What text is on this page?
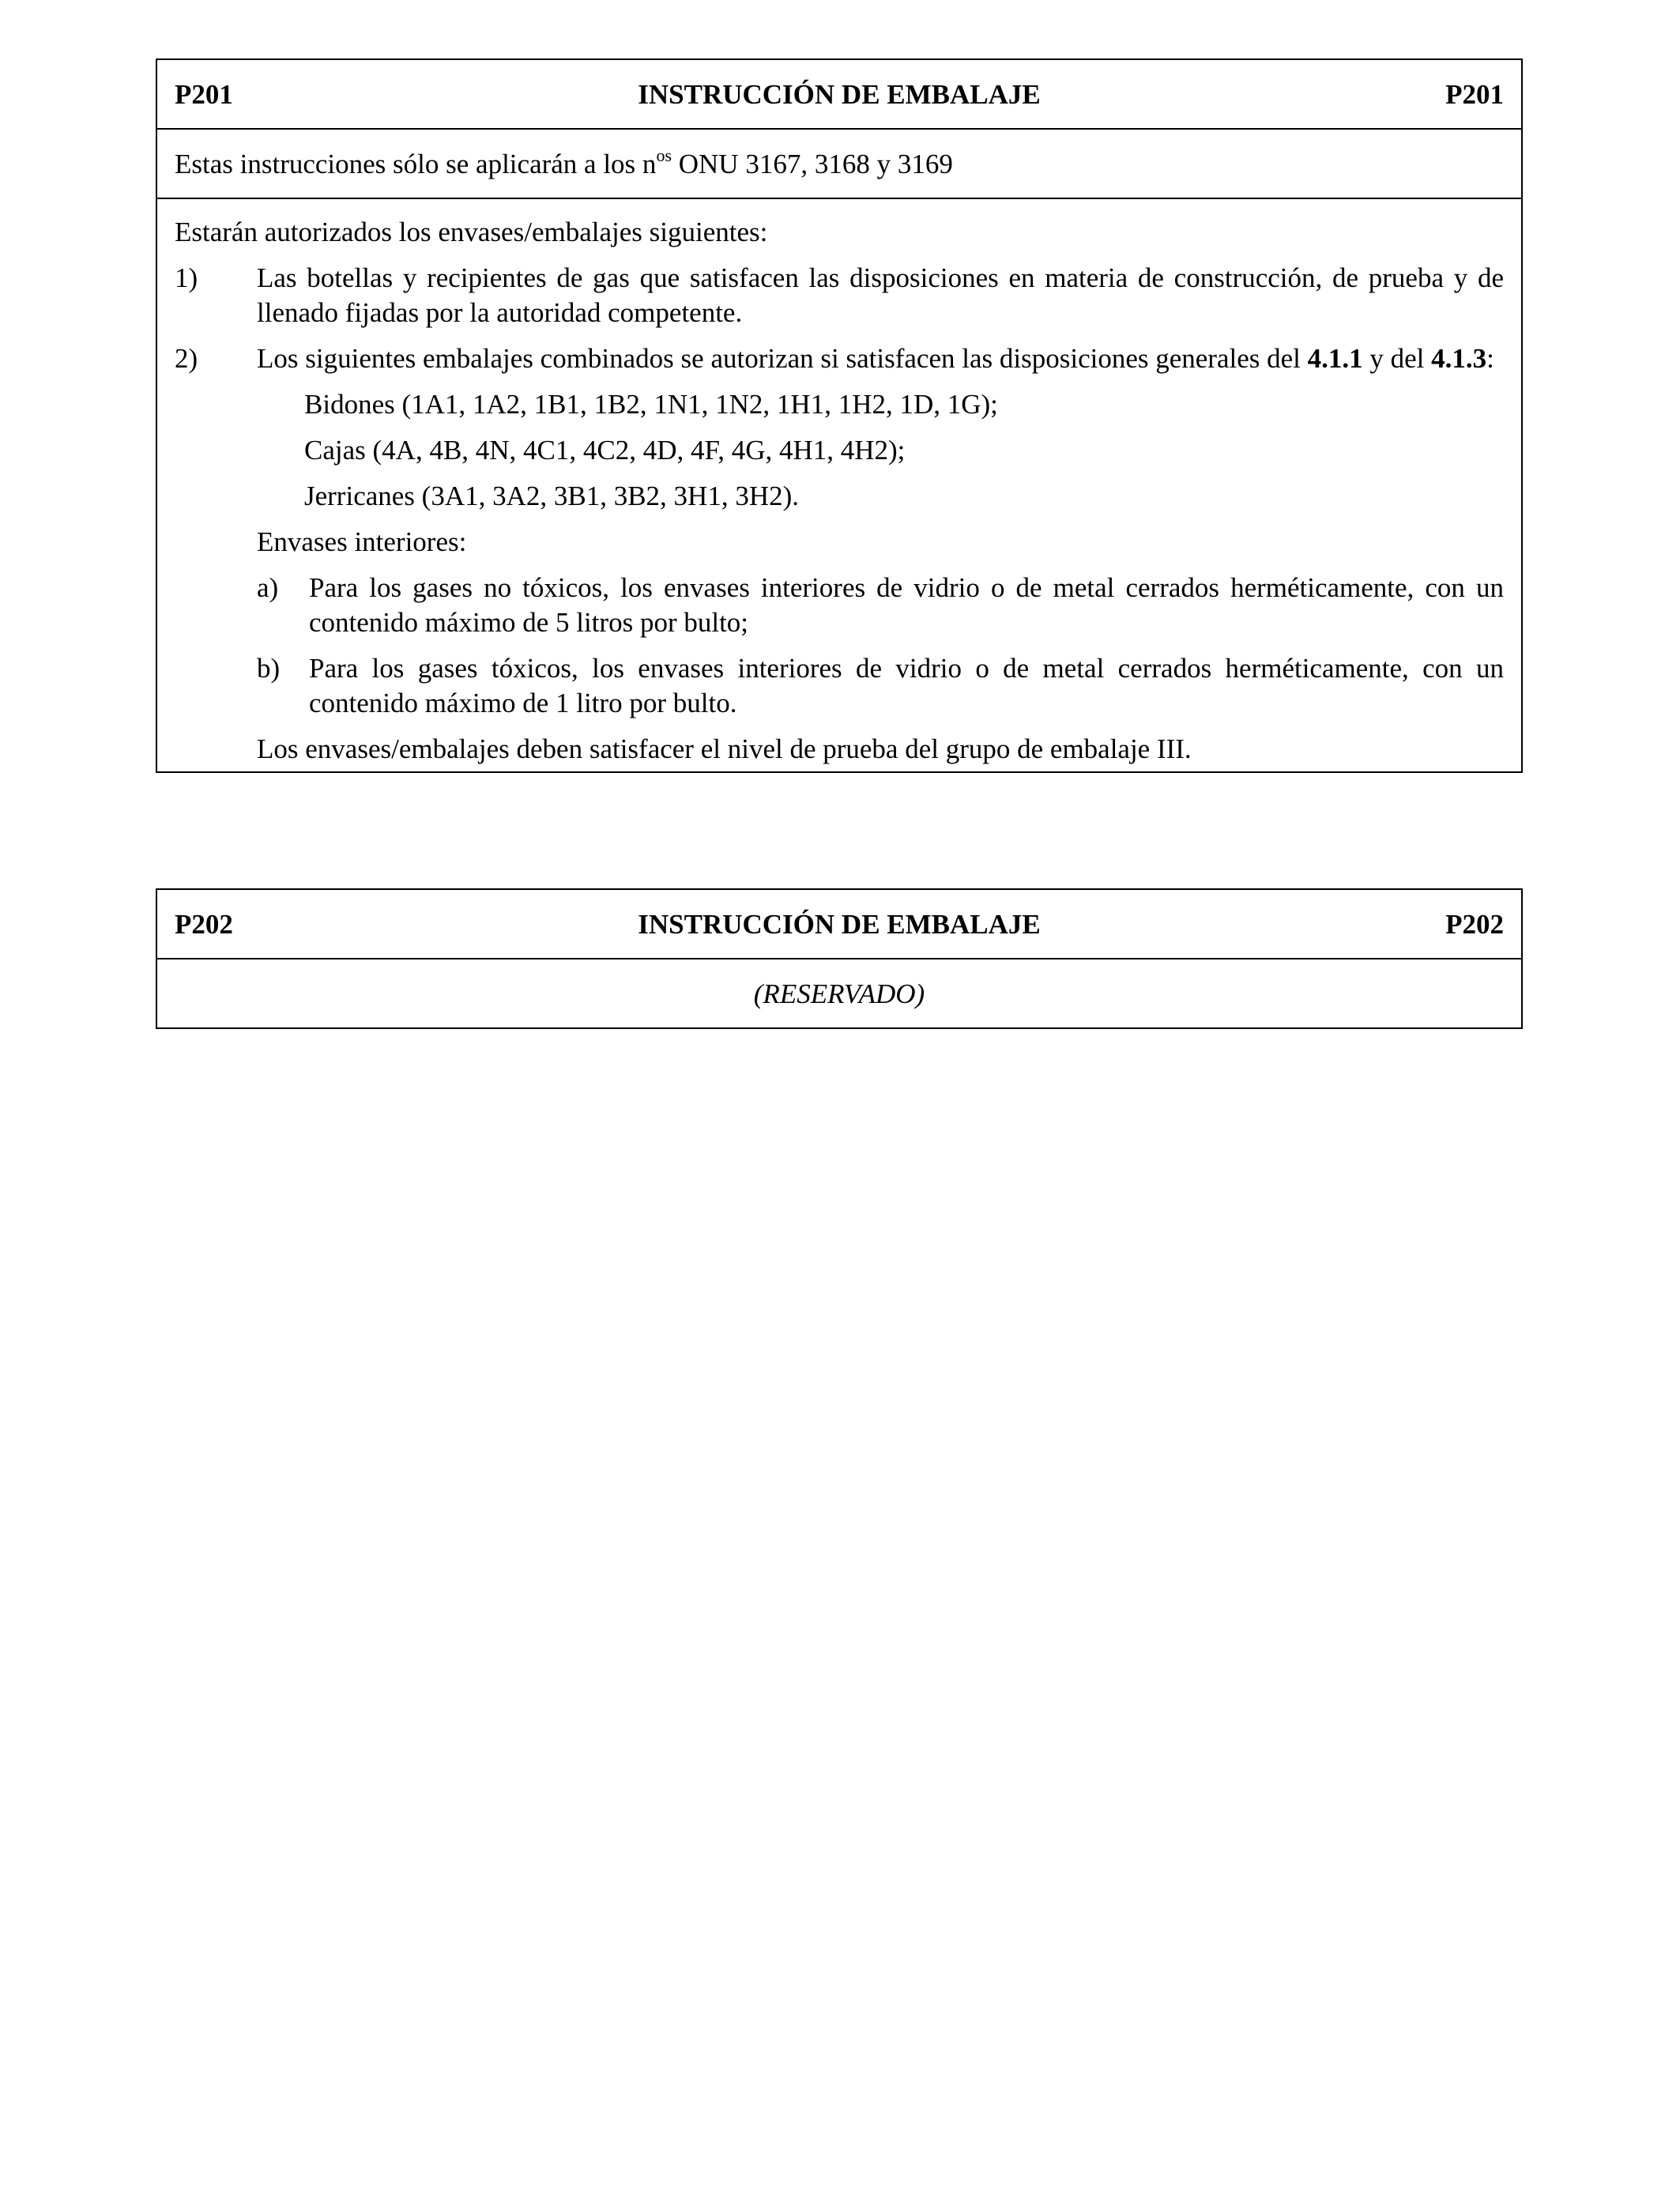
P201	INSTRUCCIÓN DE EMBALAJE	P201
Estas instrucciones sólo se aplicarán a los $n^{os}$ ONU 3167, 3168 y 3169

Estarán autorizados los envases/embalajes siguientes:

1)	Las botellas y recipientes de gas que satisfacen las disposiciones en materia de construcción, de prueba y de llenado fijadas por la autoridad competente.
2)	Los siguientes embalajes combinados se autorizan si satisfacen las disposiciones generales del 4.1.1 y del 4.1.3:

Bidones (1A1, 1A2, 1B1, 1B2, 1N1, 1N2, 1H1, 1H2, 1D, 1G);

Cajas (4A, 4B, 4N, 4C1, 4C2, 4D, 4F, 4G, 4H1, 4H2);

Jerricanes (3A1, 3A2, 3B1, 3B2, 3H1, 3H2).

Envases interiores:

a)	Para los gases no tóxicos, los envases interiores de vidrio o de metal cerrados herméticamente, con un contenido máximo de 5 litros por bulto;
b)	Para los gases tóxicos, los envases interiores de vidrio o de metal cerrados herméticamente, con un contenido máximo de 1 litro por bulto.

Los envases/embalajes deben satisfacer el nivel de prueba del grupo de embalaje III.

P202	INSTRUCCIÓN DE EMBALAJE	P202
(RESERVADO)
